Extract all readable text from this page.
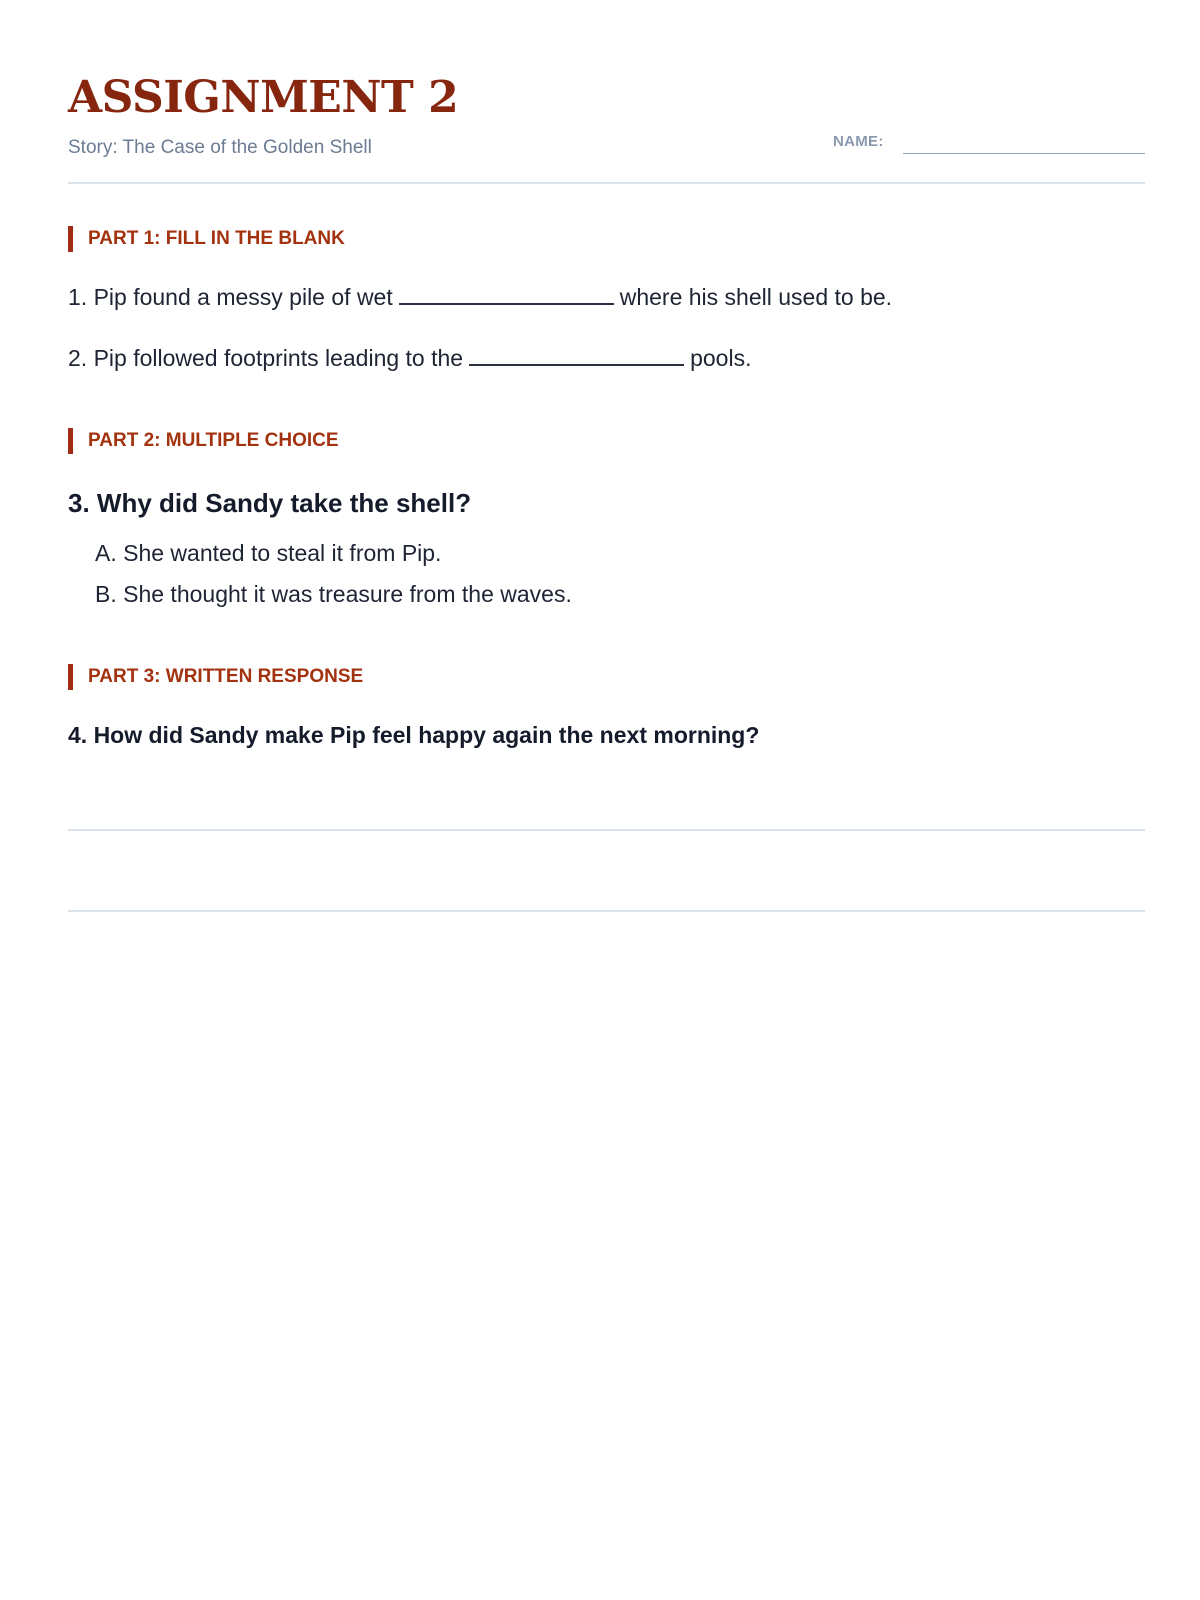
ASSIGNMENT 2
Story: The Case of the Golden Shell	NAME:
PART 1: FILL IN THE BLANK
1. Pip found a messy pile of wet	where his shell used to be.
2. Pip followed footprints leading to the	pools.
PART 2: MULTIPLE CHOICE
3. Why did Sandy take the shell?
A. She wanted to steal it from Pip.
B. She thought it was treasure from the waves.
PART 3: WRITTEN RESPONSE
4. How did Sandy make Pip feel happy again the next morning?
